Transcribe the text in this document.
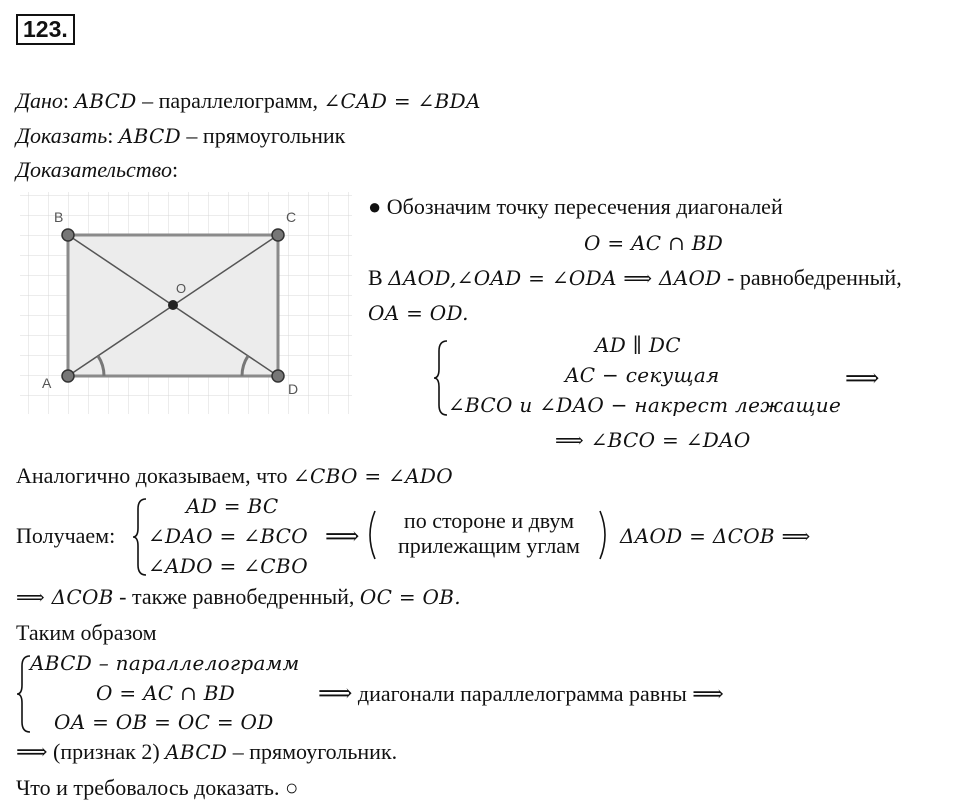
123.
Дано: ABCD – параллелограмм, ∠CAD = ∠BDA
Доказать: ABCD – прямоугольник
Доказательство:
B	C
A	D
O
● Обозначим точку пересечения диагоналей
O = AC ∩ BD
В ΔAOD,∠OAD = ∠ODA ⟹ ΔAOD - равнобедренный,
OA = OD.
AD ∥ DC
AC − секущая
∠BCO и ∠DAO − накрест лежащие
⟹
⟹ ∠BCO = ∠DAO
Аналогично доказываем, что ∠CBO = ∠ADO
Получаем:
AD = BC
∠DAO = ∠BCO
∠ADO = ∠CBO
⟹
по стороне и двум
прилежащим углам	ΔAOD = ΔCOB ⟹
⟹ ΔCOB - также равнобедренный, OC = OB.
Таким образом
ABCD – параллелограмм
O = AC ∩ BD
OA = OB = OC = OD
⟹ диагонали параллелограмма равны ⟹
⟹ (признак 2) ABCD – прямоугольник.
Что и требовалось доказать. ○
